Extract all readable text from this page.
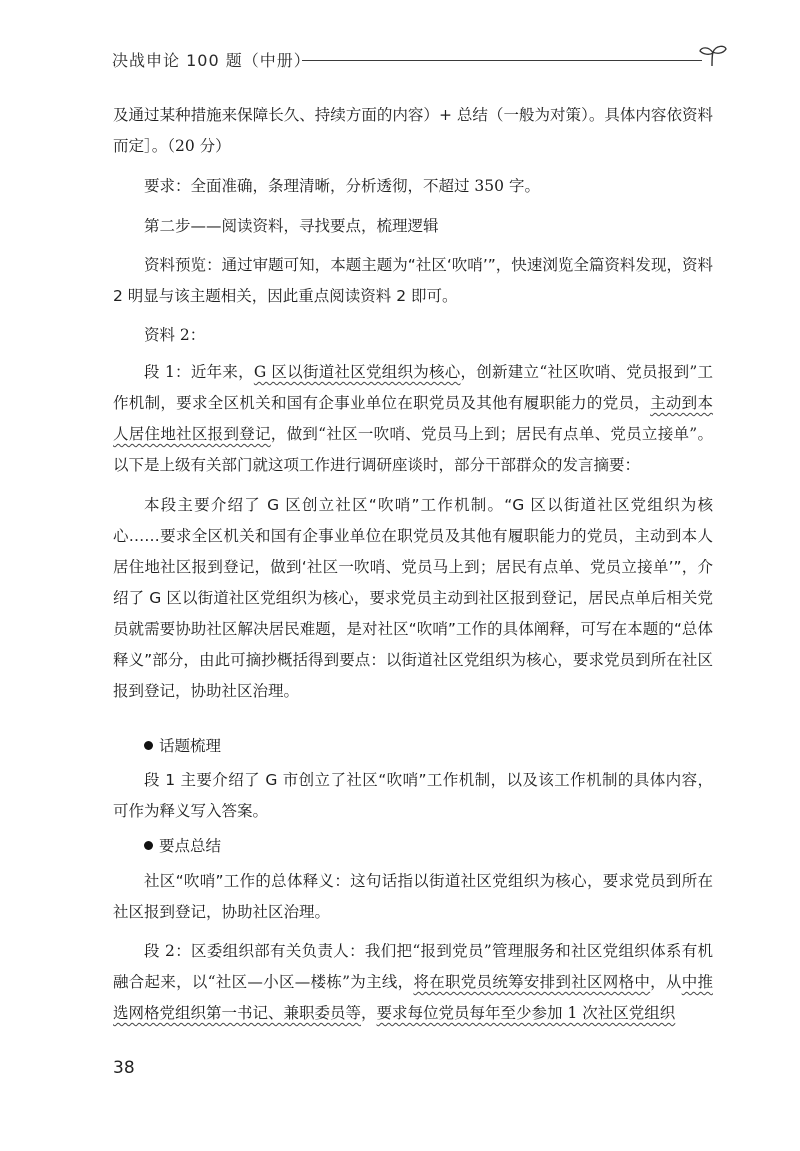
决战申论 100 题（中册）

及通过某种措施来保障长久、持续方面的内容）+ 总结（一般为对策）。具体内容依资料而定］。（20 分）

要求：全面准确，条理清晰，分析透彻，不超过 350 字。

第二步——阅读资料，寻找要点，梳理逻辑

资料预览：通过审题可知，本题主题为“社区‘吹哨’”，快速浏览全篇资料发现，资料 2 明显与该主题相关，因此重点阅读资料 2 即可。

资料 2：

段 1：近年来，G 区以街道社区党组织为核心，创新建立“社区吹哨、党员报到”工作机制，要求全区机关和国有企事业单位在职党员及其他有履职能力的党员，主动到本人居住地社区报到登记，做到“社区一吹哨、党员马上到；居民有点单、党员立接单”。以下是上级有关部门就这项工作进行调研座谈时，部分干部群众的发言摘要：

本段主要介绍了 G 区创立社区“吹哨”工作机制。“G 区以街道社区党组织为核心……要求全区机关和国有企事业单位在职党员及其他有履职能力的党员，主动到本人居住地社区报到登记，做到‘社区一吹哨、党员马上到；居民有点单、党员立接单’”，介绍了 G 区以街道社区党组织为核心，要求党员主动到社区报到登记，居民点单后相关党员就需要协助社区解决居民难题，是对社区“吹哨”工作的具体阐释，可写在本题的“总体释义”部分，由此可摘抄概括得到要点：以街道社区党组织为核心，要求党员到所在社区报到登记，协助社区治理。

话题梳理

段 1 主要介绍了 G 市创立了社区“吹哨”工作机制，以及该工作机制的具体内容，可作为释义写入答案。

要点总结

社区“吹哨”工作的总体释义：这句话指以街道社区党组织为核心，要求党员到所在社区报到登记，协助社区治理。

段 2：区委组织部有关负责人：我们把“报到党员”管理服务和社区党组织体系有机融合起来，以“社区—小区—楼栋”为主线，将在职党员统筹安排到社区网格中，从中推选网格党组织第一书记、兼职委员等，要求每位党员每年至少参加 1 次社区党组织

38
